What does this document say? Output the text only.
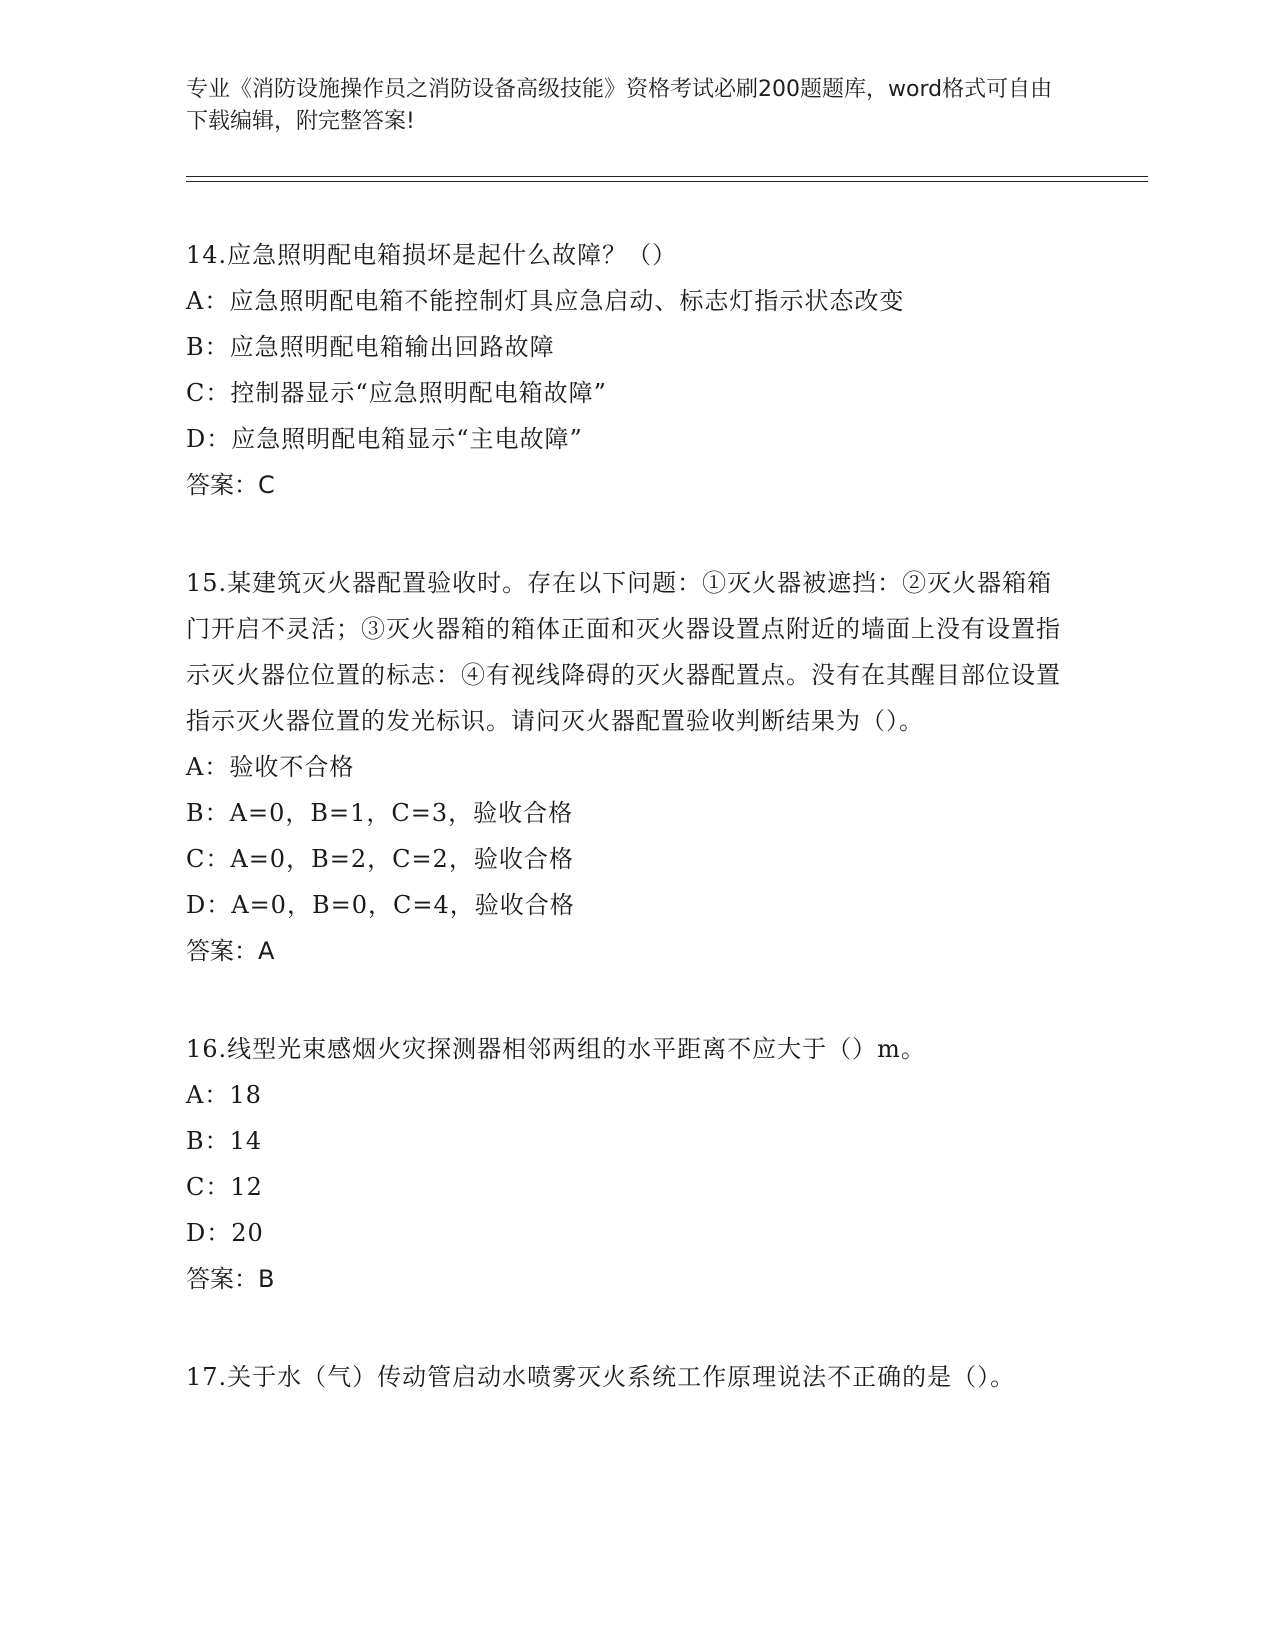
专业《消防设施操作员之消防设备高级技能》资格考试必刷200题题库，word格式可自由下载编辑，附完整答案!
14.应急照明配电箱损坏是起什么故障？（）
A：应急照明配电箱不能控制灯具应急启动、标志灯指示状态改变
B：应急照明配电箱输出回路故障
C：控制器显示“应急照明配电箱故障”
D：应急照明配电箱显示“主电故障”
答案：C
15.某建筑灭火器配置验收时。存在以下问题：①灭火器被遮挡：②灭火器箱箱门开启不灵活；③灭火器箱的箱体正面和灭火器设置点附近的墙面上没有设置指示灭火器位位置的标志：④有视线降碍的灭火器配置点。没有在其醒目部位设置指示灭火器位置的发光标识。请问灭火器配置验收判断结果为（）。
A：验收不合格
B：A=0，B=1，C=3，验收合格
C：A=0，B=2，C=2，验收合格
D：A=0，B=0，C=4，验收合格
答案：A
16.线型光束感烟火灾探测器相邻两组的水平距离不应大于（）m。
A：18
B：14
C：12
D：20
答案：B
17.关于水（气）传动管启动水喷雾灭火系统工作原理说法不正确的是（）。
